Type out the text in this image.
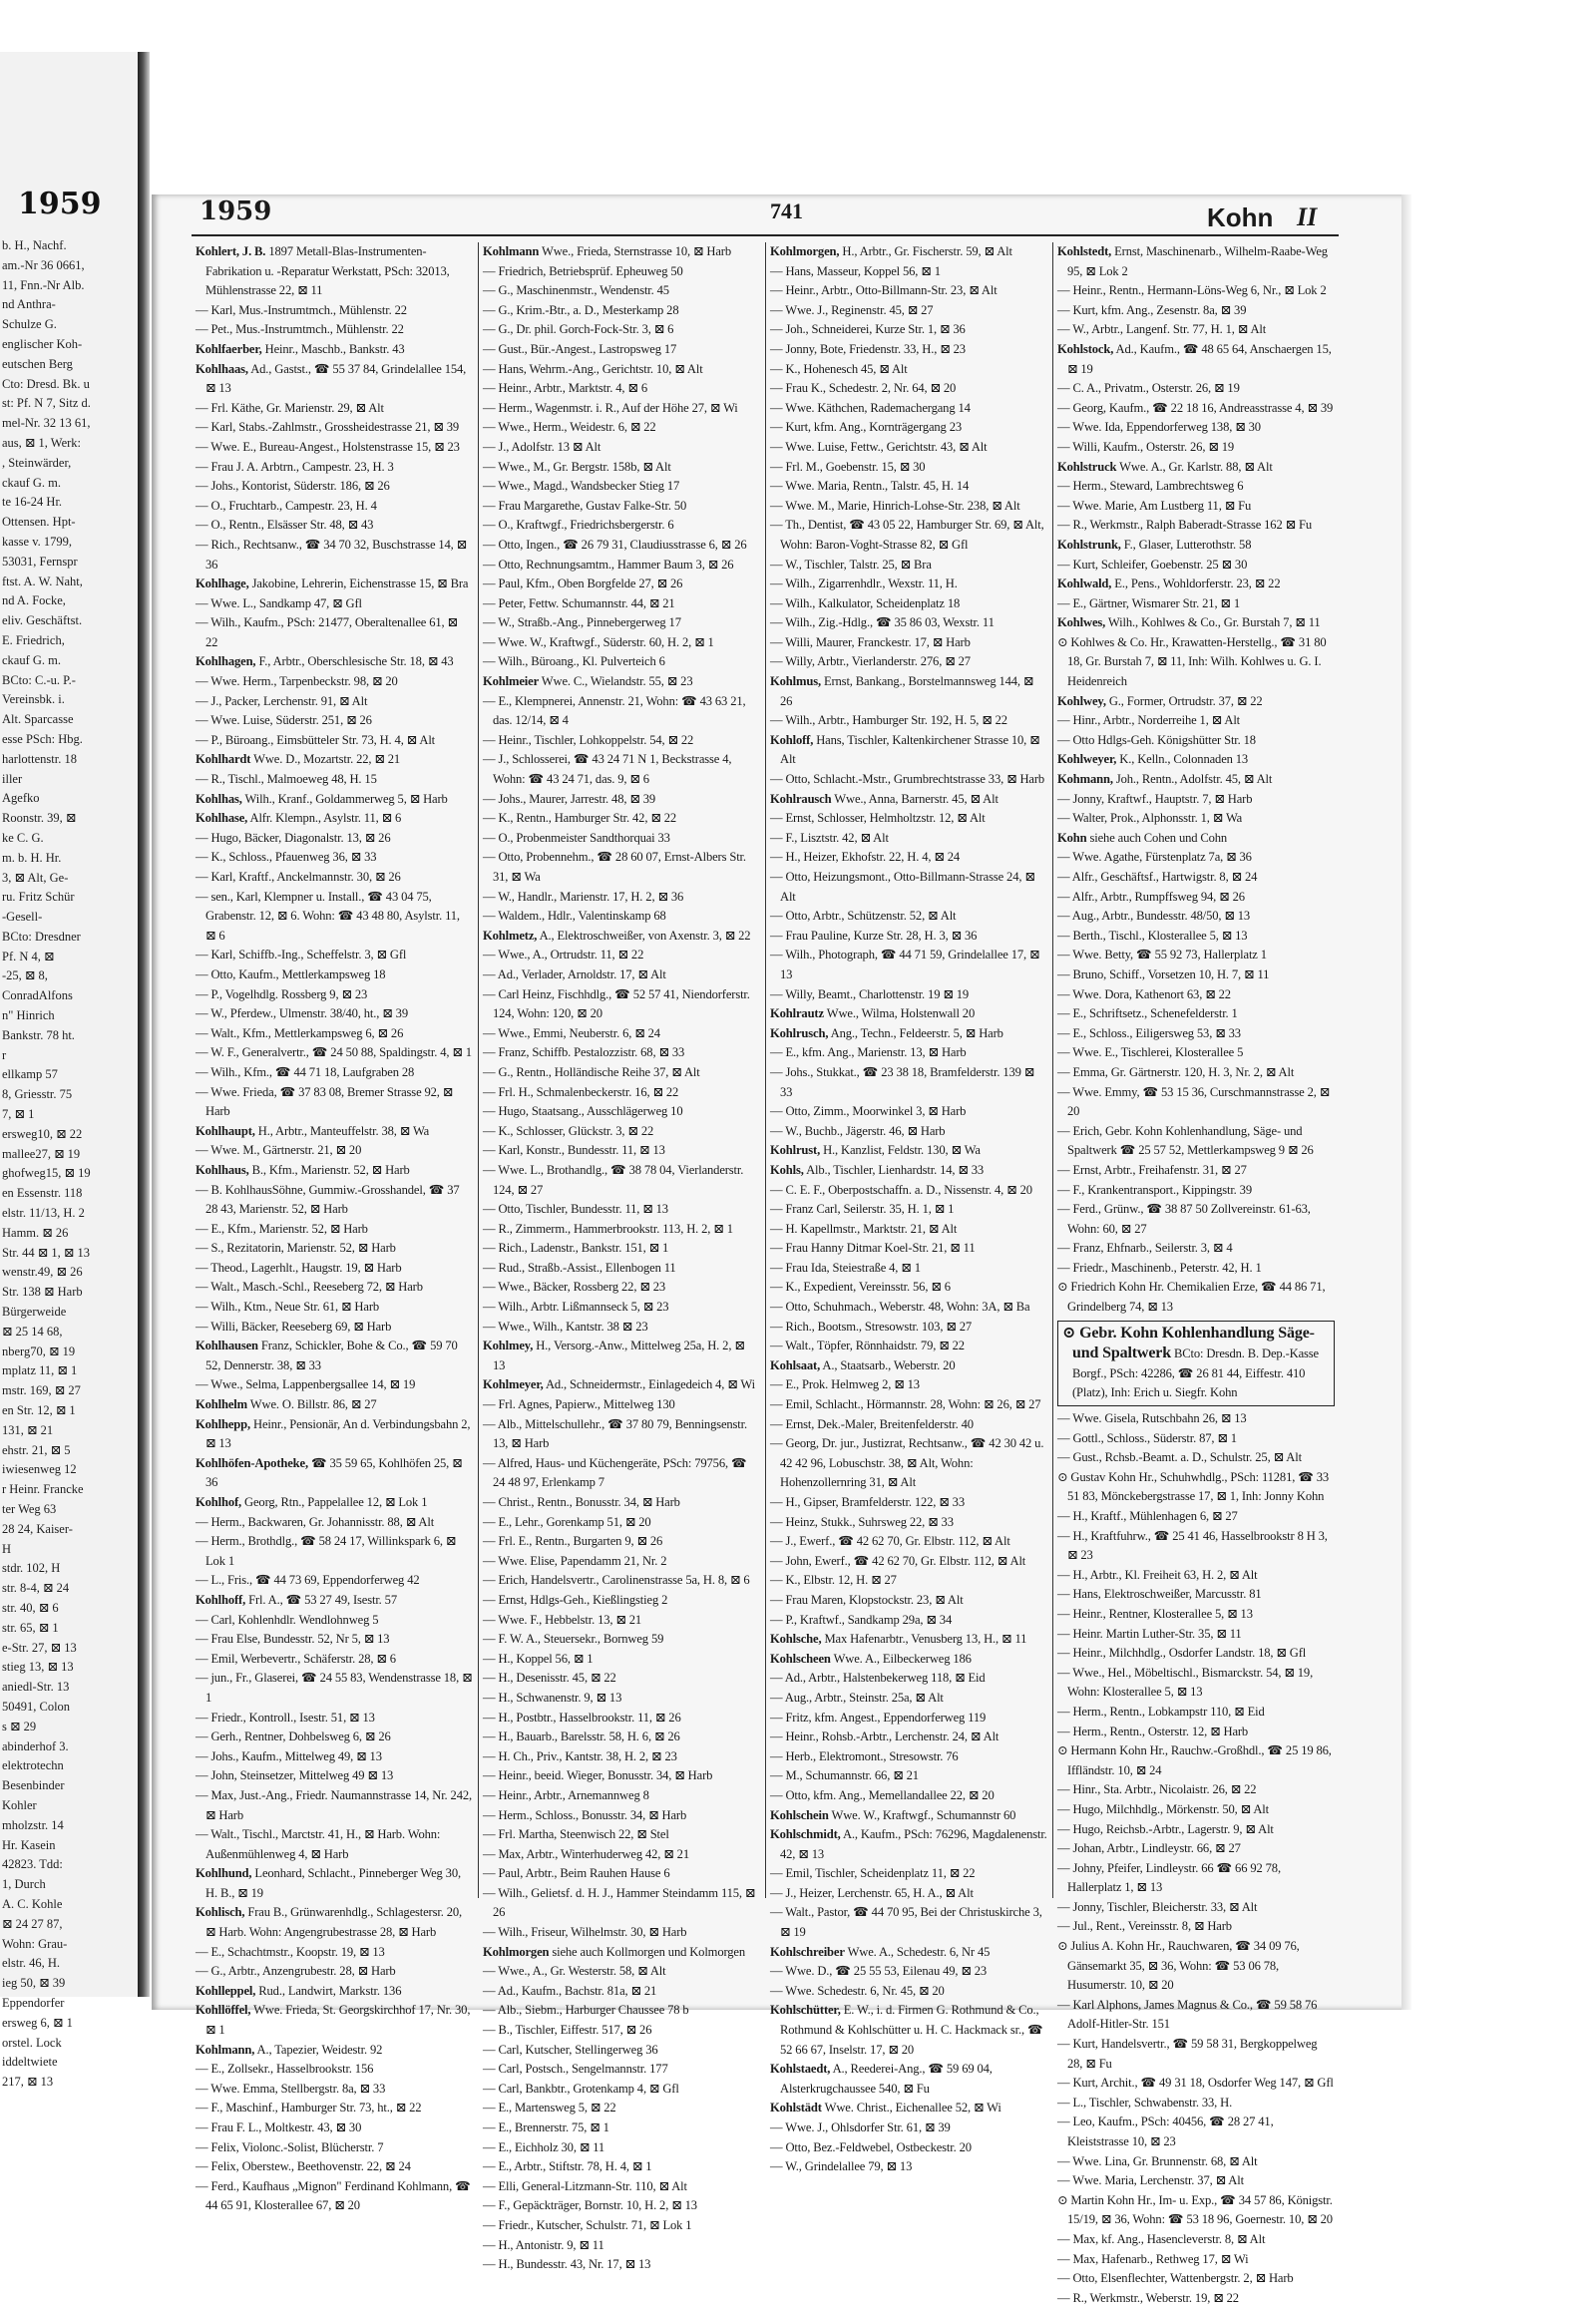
1959
b. H., Nachf.
am.-Nr 36 0661,
11, Fnn.-Nr Alb.
nd Anthra-
Schulze G.
englischer Koh-
eutschen Berg
Cto: Dresd. Bk. u
st: Pf. N 7, Sitz d.
mel-Nr. 32 13 61,
aus, ⊠ 1, Werk:
, Steinwärder,
ckauf G. m.
te 16-24 Hr.
Ottensen. Hpt-
kasse v. 1799,
53031, Fernspr
ftst. A. W. Naht,
nd A. Focke,
eliv. Geschäftst.
E. Friedrich,
ckauf G. m.
BCto: C.-u. P.-
Vereinsbk. i.
Alt. Sparcasse
esse PSch: Hbg.
harlottenstr. 18
iller
Agefko
Roonstr. 39, ⊠
ke C. G.
m. b. H. Hr.
3, ⊠ Alt, Ge-
ru. Fritz Schür
-Gesell-
BCto: Dresdner
Pf. N 4, ⊠
-25, ⊠ 8,
ConradAlfons
n" Hinrich
Bankstr. 78 ht.
r
ellkamp 57
8, Griesstr. 75
7, ⊠ 1
ersweg10, ⊠ 22
mallee27, ⊠ 19
ghofweg15, ⊠ 19
en Essenstr. 118
elstr. 11/13, H. 2
Hamm. ⊠ 26
Str. 44 ⊠ 1, ⊠ 13
wenstr.49, ⊠ 26
Str. 138 ⊠ Harb
Bürgerweide
⊠ 25 14 68,
nberg70, ⊠ 19
mplatz 11, ⊠ 1
mstr. 169, ⊠ 27
en Str. 12, ⊠ 1
131, ⊠ 21
ehstr. 21, ⊠ 5
iwiesenweg 12
r Heinr. Francke
ter Weg 63
28 24, Kaiser-
H
stdr. 102, H
str. 8-4, ⊠ 24
str. 40, ⊠ 6
str. 65, ⊠ 1
e-Str. 27, ⊠ 13
stieg 13, ⊠ 13
aniedl-Str. 13
50491, Colon
s ⊠ 29
abinderhof 3.
elektrotechn
Besenbinder
Kohler
mholzstr. 14
Hr. Kasein
42823. Tdd:
1, Durch
A. C. Kohle
⊠ 24 27 87,
Wohn: Grau-
elstr. 46, H.
ieg 50, ⊠ 39
Eppendorfer
ersweg 6, ⊠ 1
orstel. Lock
iddeltwiete
217, ⊠ 13
1959	741	Kohn II
Kohlert, J. B. 1897 Metall-Blas-Instrumenten-Fabrikation u. -Reparatur Werkstatt, PSch: 32013, Mühlenstrasse 22, ⊠ 11
— Karl, Mus.-Instrumtmch., Mühlenstr. 22
— Pet., Mus.-Instrumtmch., Mühlenstr. 22
Kohlfaerber, Heinr., Maschb., Bankstr. 43
Kohlhaas, Ad., Gastst., ☎ 55 37 84, Grindelallee 154, ⊠ 13
— Frl. Käthe, Gr. Marienstr. 29, ⊠ Alt
— Karl, Stabs.-Zahlmstr., Grossheidestrasse 21, ⊠ 39
— Wwe. E., Bureau-Angest., Holstenstrasse 15, ⊠ 23
— Frau J. A. Arbtrn., Campestr. 23, H. 3
— Johs., Kontorist, Süderstr. 186, ⊠ 26
— O., Fruchtarb., Campestr. 23, H. 4
— O., Rentn., Elsässer Str. 48, ⊠ 43
— Rich., Rechtsanw., ☎ 34 70 32, Buschstrasse 14, ⊠ 36
Kohlhage, Jakobine, Lehrerin, Eichenstrasse 15, ⊠ Bra
— Wwe. L., Sandkamp 47, ⊠ Gfl
— Wilh., Kaufm., PSch: 21477, Oberaltenallee 61, ⊠ 22
Kohlhagen, F., Arbtr., Oberschlesische Str. 18, ⊠ 43
— Wwe. Herm., Tarpenbeckstr. 98, ⊠ 20
— J., Packer, Lerchenstr. 91, ⊠ Alt
— Wwe. Luise, Süderstr. 251, ⊠ 26
— P., Büroang., Eimsbütteler Str. 73, H. 4, ⊠ Alt
Kohlhardt Wwe. D., Mozartstr. 22, ⊠ 21
— R., Tischl., Malmoeweg 48, H. 15
Kohlhas, Wilh., Kranf., Goldammerweg 5, ⊠ Harb
Kohlhase, Alfr. Klempn., Asylstr. 11, ⊠ 6
— Hugo, Bäcker, Diagonalstr. 13, ⊠ 26
— K., Schloss., Pfauenweg 36, ⊠ 33
— Karl, Kraftf., Anckelmannstr. 30, ⊠ 26
— sen., Karl, Klempner u. Install., ☎ 43 04 75, Grabenstr. 12, ⊠ 6. Wohn: ☎ 43 48 80, Asylstr. 11, ⊠ 6
— Karl, Schiffb.-Ing., Scheffelstr. 3, ⊠ Gfl
— Otto, Kaufm., Mettlerkampsweg 18
— P., Vogelhdlg. Rossberg 9, ⊠ 23
— W., Pferdew., Ulmenstr. 38/40, ht., ⊠ 39
— Walt., Kfm., Mettlerkampsweg 6, ⊠ 26
— W. F., Generalvertr., ☎ 24 50 88, Spaldingstr. 4, ⊠ 1
— Wilh., Kfm., ☎ 44 71 18, Laufgraben 28
— Wwe. Frieda, ☎ 37 83 08, Bremer Strasse 92, ⊠ Harb
Kohlhaupt, H., Arbtr., Manteuffelstr. 38, ⊠ Wa
— Wwe. M., Gärtnerstr. 21, ⊠ 20
Kohlhaus, B., Kfm., Marienstr. 52, ⊠ Harb
— B. KohlhausSöhne, Gummiw.-Grosshandel, ☎ 37 28 43, Marienstr. 52, ⊠ Harb
— E., Kfm., Marienstr. 52, ⊠ Harb
— S., Rezitatorin, Marienstr. 52, ⊠ Harb
— Theod., Lagerhlt., Haugstr. 19, ⊠ Harb
— Walt., Masch.-Schl., Reeseberg 72, ⊠ Harb
— Wilh., Ktm., Neue Str. 61, ⊠ Harb
— Willi, Bäcker, Reeseberg 69, ⊠ Harb
Kohlhausen Franz, Schickler, Bohe & Co., ☎ 59 70 52, Dennerstr. 38, ⊠ 33
— Wwe., Selma, Lappenbergsallee 14, ⊠ 19
Kohlhelm Wwe. O. Billstr. 86, ⊠ 27
Kohlhepp, Heinr., Pensionär, An d. Verbindungsbahn 2, ⊠ 13
Kohlhöfen-Apotheke, ☎ 35 59 65, Kohlhöfen 25, ⊠ 36
Kohlhof, Georg, Rtn., Pappelallee 12, ⊠ Lok 1
— Herm., Backwaren, Gr. Johannisstr. 88, ⊠ Alt
— Herm., Brothdlg., ☎ 58 24 17, Willinkspark 6, ⊠ Lok 1
— L., Fris., ☎ 44 73 69, Eppendorferweg 42
Kohlhoff, Frl. A., ☎ 53 27 49, Isestr. 57
— Carl, Kohlenhdlr. Wendlohnweg 5
— Frau Else, Bundesstr. 52, Nr 5, ⊠ 13
— Emil, Werbevertr., Schäferstr. 28, ⊠ 6
— jun., Fr., Glaserei, ☎ 24 55 83, Wendenstrasse 18, ⊠ 1
— Friedr., Kontroll., Isestr. 51, ⊠ 13
— Gerh., Rentner, Dohbelsweg 6, ⊠ 26
— Johs., Kaufm., Mittelweg 49, ⊠ 13
— John, Steinsetzer, Mittelweg 49 ⊠ 13
— Max, Just.-Ang., Friedr. Naumannstrasse 14, Nr. 242, ⊠ Harb
— Walt., Tischl., Marctstr. 41, H., ⊠ Harb. Wohn: Außenmühlenweg 4, ⊠ Harb
Kohlhund, Leonhard, Schlacht., Pinneberger Weg 30, H. B., ⊠ 19
Kohlisch, Frau B., Grünwarenhdlg., Schlagestersr. 20, ⊠ Harb. Wohn: Angengrubestrasse 28, ⊠ Harb
— E., Schachtmstr., Koopstr. 19, ⊠ 13
— G., Arbtr., Anzengrubestr. 28, ⊠ Harb
Kohlleppel, Rud., Landwirt, Markstr. 136
Kohllöffel, Wwe. Frieda, St. Georgskirchhof 17, Nr. 30, ⊠ 1
Kohlmann, A., Tapezier, Weidestr. 92
— E., Zollsekr., Hasselbrookstr. 156
— Wwe. Emma, Stellbergstr. 8a, ⊠ 33
— F., Maschinf., Hamburger Str. 73, ht., ⊠ 22
— Frau F. L., Moltkestr. 43, ⊠ 30
— Felix, Violonc.-Solist, Blücherstr. 7
— Felix, Oberstew., Beethovenstr. 22, ⊠ 24
— Ferd., Kaufhaus „Mignon" Ferdinand Kohlmann, ☎ 44 65 91, Klosterallee 67, ⊠ 20
Kohlmann Wwe., Frieda, Sternstrasse 10, ⊠ Harb
— Friedrich, Betriebsprüf. Ephеuweg 50
— G., Maschinenmstr., Wendenstr. 45
— G., Krim.-Btr., a. D., Mesterkamp 28
— G., Dr. phil. Gorch-Fock-Str. 3, ⊠ 6
— Gust., Bür.-Angest., Lastropsweg 17
— Hans, Wehrm.-Ang., Gerichtstr. 10, ⊠ Alt
— Heinr., Arbtr., Marktstr. 4, ⊠ 6
— Herm., Wagenmstr. i. R., Auf der Höhe 27, ⊠ Wi
— Wwe., Herm., Weidestr. 6, ⊠ 22
— J., Adolfstr. 13 ⊠ Alt
— Wwe., M., Gr. Bergstr. 158b, ⊠ Alt
— Wwe., Magd., Wandsbecker Stieg 17
— Frau Margarethe, Gustav Falke-Str. 50
— O., Kraftwgf., Friedrichsbergerstr. 6
— Otto, Ingen., ☎ 26 79 31, Claudiusstrasse 6, ⊠ 26
— Otto, Rechnungsamtm., Hammer Baum 3, ⊠ 26
— Paul, Kfm., Oben Borgfelde 27, ⊠ 26
— Peter, Fettw. Schumannstr. 44, ⊠ 21
— W., Straßb.-Ang., Pinnebergerweg 17
— Wwe. W., Kraftwgf., Süderstr. 60, H. 2, ⊠ 1
— Wilh., Büroang., Kl. Pulverteich 6
Kohlmeier Wwe. C., Wielandstr. 55, ⊠ 23
— E., Klempnerei, Annenstr. 21, Wohn: ☎ 43 63 21, das. 12/14, ⊠ 4
— Heinr., Tischler, Lohkoppelstr. 54, ⊠ 22
— J., Schlosserei, ☎ 43 24 71 N 1, Beckstrasse 4, Wohn: ☎ 43 24 71, das. 9, ⊠ 6
— Johs., Maurer, Jarrestr. 48, ⊠ 39
— K., Rentn., Hamburger Str. 42, ⊠ 22
— O., Probenmeister Sandthorquai 33
— Otto, Probennehm., ☎ 28 60 07, Ernst-Albers Str. 31, ⊠ Wa
— W., Handlr., Marienstr. 17, H. 2, ⊠ 36
— Waldem., Hdlr., Valentinskamp 68
Kohlmetz, A., Elektroschweißer, von Axenstr. 3, ⊠ 22
— Wwe., A., Ortrudstr. 11, ⊠ 22
— Ad., Verlader, Arnoldstr. 17, ⊠ Alt
— Carl Heinz, Fischhdlg., ☎ 52 57 41, Niendorferstr. 124, Wohn: 120, ⊠ 20
— Wwe., Emmi, Neuberstr. 6, ⊠ 24
— Franz, Schiffb. Pestalozzistr. 68, ⊠ 33
— G., Rentn., Holländische Reihe 37, ⊠ Alt
— Frl. H., Schmalenbeckerstr. 16, ⊠ 22
— Hugo, Staatsang., Ausschlägerweg 10
— K., Schlosser, Glückstr. 3, ⊠ 22
— Karl, Konstr., Bundesstr. 11, ⊠ 13
— Wwe. L., Brothandlg., ☎ 38 78 04, Vierlanderstr. 124, ⊠ 27
— Otto, Tischler, Bundesstr. 11, ⊠ 13
— R., Zimmerm., Hammerbrookstr. 113, H. 2, ⊠ 1
— Rich., Ladenstr., Bankstr. 151, ⊠ 1
— Rud., Straßb.-Assist., Ellenbogen 11
— Wwe., Bäcker, Rossberg 22, ⊠ 23
— Wilh., Arbtr. Lißmannseck 5, ⊠ 23
— Wwe., Wilh., Kantstr. 38 ⊠ 23
Kohlmey, H., Versorg.-Anw., Mittelweg 25a, H. 2, ⊠ 13
Kohlmeyer, Ad., Schneidermstr., Einlagedeich 4, ⊠ Wi
— Frl. Agnes, Papierw., Mittelweg 130
— Alb., Mittelschullehr., ☎ 37 80 79, Benningsenstr. 13, ⊠ Harb
— Alfred, Haus- und Küchengeräte, PSch: 79756, ☎ 24 48 97, Erlenkamp 7
— Christ., Rentn., Bonusstr. 34, ⊠ Harb
— E., Lehr., Gorenkamp 51, ⊠ 20
— Frl. E., Rentn., Burgarten 9, ⊠ 26
— Wwe. Elise, Papendamm 21, Nr. 2
— Erich, Handelsvertr., Carolinenstrasse 5a, H. 8, ⊠ 6
— Ernst, Hdlgs-Geh., Kießlingstieg 2
— Wwe. F., Hebbelstr. 13, ⊠ 21
— F. W. A., Steuersekr., Bornweg 59
— H., Koppel 56, ⊠ 1
— H., Desenisstr. 45, ⊠ 22
— H., Schwanenstr. 9, ⊠ 13
— H., Postbtr., Hasselbrookstr. 11, ⊠ 26
— H., Bauarb., Barelsstr. 58, H. 6, ⊠ 26
— H. Ch., Priv., Kantstr. 38, H. 2, ⊠ 23
— Heinr., beeid. Wieger, Bonusstr. 34, ⊠ Harb
— Heinr., Arbtr., Arnemannweg 8
— Herm., Schloss., Bonusstr. 34, ⊠ Harb
— Frl. Martha, Steenwisch 22, ⊠ Stel
— Max, Arbtr., Winterhuderweg 42, ⊠ 21
— Paul, Arbtr., Beim Rauhen Hause 6
— Wilh., Gelietsf. d. H. J., Hammer Steindamm 115, ⊠ 26
— Wilh., Friseur, Wilhelmstr. 30, ⊠ Harb
Kohlmorgen siehe auch Kollmorgen und Kolmorgen
— Wwe., A., Gr. Westerstr. 58, ⊠ Alt
— Ad., Kaufm., Bachstr. 81a, ⊠ 21
— Alb., Siebm., Harburger Chaussee 78 b
— B., Tischler, Eiffestr. 517, ⊠ 26
— Carl, Kutscher, Stellingerweg 36
— Carl, Postsch., Sengelmannstr. 177
— Carl, Bankbtr., Grotenkamp 4, ⊠ Gfl
— E., Martensweg 5, ⊠ 22
— E., Brennerstr. 75, ⊠ 1
— E., Eichholz 30, ⊠ 11
— E., Arbtr., Stiftstr. 78, H. 4, ⊠ 1
— Elli, General-Litzmann-Str. 110, ⊠ Alt
— F., Gepäckträger, Bornstr. 10, H. 2, ⊠ 13
— Friedr., Kutscher, Schulstr. 71, ⊠ Lok 1
— H., Antonistr. 9, ⊠ 11
— H., Bundesstr. 43, Nr. 17, ⊠ 13
Kohlmorgen, H., Arbtr., Gr. Fischerstr. 59, ⊠ Alt
— Hans, Masseur, Koppel 56, ⊠ 1
— Heinr., Arbtr., Otto-Billmann-Str. 23, ⊠ Alt
— Wwe. J., Reginenstr. 45, ⊠ 27
— Joh., Schneiderei, Kurze Str. 1, ⊠ 36
— Jonny, Bote, Friedenstr. 33, H., ⊠ 23
— K., Hohenesch 45, ⊠ Alt
— Frau K., Schedestr. 2, Nr. 64, ⊠ 20
— Wwe. Käthchen, Rademachergang 14
— Kurt, kfm. Ang., Kornträgergang 23
— Wwe. Luise, Fettw., Gerichtstr. 43, ⊠ Alt
— Frl. M., Goebenstr. 15, ⊠ 30
— Wwe. Maria, Rentn., Talstr. 45, H. 14
— Wwe. M., Marie, Hinrich-Lohse-Str. 238, ⊠ Alt
— Th., Dentist, ☎ 43 05 22, Hamburger Str. 69, ⊠ Alt, Wohn: Baron-Voght-Strasse 82, ⊠ Gfl
— W., Tischler, Talstr. 25, ⊠ Bra
— Wilh., Zigarrenhdlr., Wexstr. 11, H.
— Wilh., Kalkulator, Scheidenplatz 18
— Wilh., Zig.-Hdlg., ☎ 35 86 03, Wexstr. 11
— Willi, Maurer, Franckestr. 17, ⊠ Harb
— Willy, Arbtr., Vierlanderstr. 276, ⊠ 27
Kohlmus, Ernst, Bankang., Borstelmannsweg 144, ⊠ 26
— Wilh., Arbtr., Hamburger Str. 192, H. 5, ⊠ 22
Kohloff, Hans, Tischler, Kaltenkirchener Strasse 10, ⊠ Alt
— Otto, Schlacht.-Mstr., Grumbrechtstrasse 33, ⊠ Harb
Kohlrausch Wwe., Anna, Barnerstr. 45, ⊠ Alt
— Ernst, Schlosser, Helmholtzstr. 12, ⊠ Alt
— F., Lisztstr. 42, ⊠ Alt
— H., Heizer, Ekhofstr. 22, H. 4, ⊠ 24
— Otto, Heizungsmont., Otto-Billmann-Strasse 24, ⊠ Alt
— Otto, Arbtr., Schützenstr. 52, ⊠ Alt
— Frau Pauline, Kurze Str. 28, H. 3, ⊠ 36
— Wilh., Photograph, ☎ 44 71 59, Grindelallee 17, ⊠ 13
— Willy, Beamt., Charlottenstr. 19 ⊠ 19
Kohlrautz Wwe., Wilma, Holstenwall 20
Kohlrusch, Ang., Techn., Feldeerstr. 5, ⊠ Harb
— E., kfm. Ang., Marienstr. 13, ⊠ Harb
— Johs., Stukkat., ☎ 23 38 18, Bramfelderstr. 139 ⊠ 33
— Otto, Zimm., Moorwinkel 3, ⊠ Harb
— W., Buchb., Jägerstr. 46, ⊠ Harb
Kohlrust, H., Kanzlist, Feldstr. 130, ⊠ Wa
Kohls, Alb., Tischler, Lienhardstr. 14, ⊠ 33
— C. E. F., Oberpostschaffn. a. D., Nissenstr. 4, ⊠ 20
— Franz Carl, Seilerstr. 35, H. 1, ⊠ 1
— H. Kapellmstr., Marktstr. 21, ⊠ Alt
— Frau Hanny Ditmar Koel-Str. 21, ⊠ 11
— Frau Ida, Steiestraße 4, ⊠ 1
— K., Expedient, Vereinsstr. 56, ⊠ 6
— Otto, Schuhmach., Weberstr. 48, Wohn: 3A, ⊠ Ba
— Rich., Bootsm., Stresowstr. 103, ⊠ 27
— Walt., Töpfer, Rönnhaidstr. 79, ⊠ 22
Kohlsaat, A., Staatsarb., Weberstr. 20
— E., Prok. Helmweg 2, ⊠ 13
— Emil, Schlacht., Hörmannstr. 28, Wohn: ⊠ 26, ⊠ 27
— Ernst, Dek.-Maler, Breitenfelderstr. 40
— Georg, Dr. jur., Justizrat, Rechtsanw., ☎ 42 30 42 u. 42 42 96, Lobuschstr. 38, ⊠ Alt, Wohn: Hohenzollernring 31, ⊠ Alt
— H., Gipser, Bramfelderstr. 122, ⊠ 33
— Heinz, Stukk., Suhrsweg 22, ⊠ 33
— J., Ewerf., ☎ 42 62 70, Gr. Elbstr. 112, ⊠ Alt
— John, Ewerf., ☎ 42 62 70, Gr. Elbstr. 112, ⊠ Alt
— K., Elbstr. 12, H. ⊠ 27
— Frau Maren, Klopstockstr. 23, ⊠ Alt
— P., Kraftwf., Sandkamp 29a, ⊠ 34
Kohlsche, Max Hafenarbtr., Venusberg 13, H., ⊠ 11
Kohlscheen Wwe. A., Eilbeckerweg 186
— Ad., Arbtr., Halstenbekerweg 118, ⊠ Eid
— Aug., Arbtr., Steinstr. 25a, ⊠ Alt
— Fritz, kfm. Angest., Eppendorferweg 119
— Heinr., Rohsb.-Arbtr., Lerchenstr. 24, ⊠ Alt
— Herb., Elektromont., Stresowstr. 76
— M., Schumannstr. 66, ⊠ 21
— Otto, kfm. Ang., Memellandallee 22, ⊠ 20
Kohlschein Wwe. W., Kraftwgf., Schumannstr 60
Kohlschmidt, A., Kaufm., PSch: 76296, Magdalenenstr. 42, ⊠ 13
— Emil, Tischler, Scheidenplatz 11, ⊠ 22
— J., Heizer, Lerchenstr. 65, H. A., ⊠ Alt
— Walt., Pastor, ☎ 44 70 95, Bei der Christuskirche 3, ⊠ 19
Kohlschreiber Wwe. A., Schedestr. 6, Nr 45
— Wwe. D., ☎ 25 55 53, Eilenau 49, ⊠ 23
— Wwe. Schedestr. 6, Nr. 45, ⊠ 20
Kohlschütter, E. W., i. d. Firmen G. Rothmund & Co., Rothmund & Kohlschütter u. H. C. Hackmack sr., ☎ 52 66 67, Inselstr. 17, ⊠ 20
Kohlstaedt, A., Reederei-Ang., ☎ 59 69 04, Alsterkrugchaussee 540, ⊠ Fu
Kohlstädt Wwe. Christ., Eichenallee 52, ⊠ Wi
— Wwe. J., Ohlsdorfer Str. 61, ⊠ 39
— Otto, Bez.-Feldwebel, Ostbeckestr. 20
— W., Grindelallee 79, ⊠ 13
Kohlstedt, Ernst, Maschinenarb., Wilhelm-Raabe-Weg 95, ⊠ Lok 2
— Heinr., Rentn., Hermann-Löns-Weg 6, Nr., ⊠ Lok 2
— Kurt, kfm. Ang., Zesenstr. 8a, ⊠ 39
— W., Arbtr., Langenf. Str. 77, H. 1, ⊠ Alt
Kohlstock, Ad., Kaufm., ☎ 48 65 64, Anschaergen 15, ⊠ 19
— C. A., Privatm., Osterstr. 26, ⊠ 19
— Georg, Kaufm., ☎ 22 18 16, Andreasstrasse 4, ⊠ 39
— Wwe. Ida, Eppendorferweg 138, ⊠ 30
— Willi, Kaufm., Osterstr. 26, ⊠ 19
Kohlstruck Wwe. A., Gr. Karlstr. 88, ⊠ Alt
— Herm., Steward, Lambrechtsweg 6
— Wwe. Marie, Am Lustberg 11, ⊠ Fu
— R., Werkmstr., Ralph Baberadt-Strasse 162 ⊠ Fu
Kohlstrunk, F., Glaser, Lutterothstr. 58
— Kurt, Schleifer, Goebenstr. 25 ⊠ 30
Kohlwald, E., Pens., Wohldorferstr. 23, ⊠ 22
— E., Gärtner, Wismarer Str. 21, ⊠ 1
Kohlwes, Wilh., Kohlwes & Co., Gr. Burstah 7, ⊠ 11
⊙ Kohlwes & Co. Hr., Krawatten-Herstellg., ☎ 31 80 18, Gr. Burstah 7, ⊠ 11, Inh: Wilh. Kohlwes u. G. I. Heidenreich
Kohlwey, G., Former, Ortrudstr. 37, ⊠ 22
— Hinr., Arbtr., Norderreihe 1, ⊠ Alt
— Otto Hdlgs-Geh. Königshütter Str. 18
Kohlweyer, K., Kelln., Colonnaden 13
Kohmann, Joh., Rentn., Adolfstr. 45, ⊠ Alt
— Jonny, Kraftwf., Hauptstr. 7, ⊠ Harb
— Walter, Prok., Alphonsstr. 1, ⊠ Wa
Kohn siehe auch Cohen und Cohn
— Wwe. Agathe, Fürstenplatz 7a, ⊠ 36
— Alfr., Geschäftsf., Hartwigstr. 8, ⊠ 24
— Alfr., Arbtr., Rumpffsweg 94, ⊠ 26
— Aug., Arbtr., Bundesstr. 48/50, ⊠ 13
— Berth., Tischl., Klosterallee 5, ⊠ 13
— Wwe. Betty, ☎ 55 92 73, Hallerplatz 1
— Bruno, Schiff., Vorsetzen 10, H. 7, ⊠ 11
— Wwe. Dora, Kathenort 63, ⊠ 22
— E., Schriftsetz., Schenefelderstr. 1
— E., Schloss., Eiligersweg 53, ⊠ 33
— Wwe. E., Tischlerei, Klosterallee 5
— Emma, Gr. Gärtnerstr. 120, H. 3, Nr. 2, ⊠ Alt
— Wwe. Emmy, ☎ 53 15 36, Curschmannstrasse 2, ⊠ 20
— Erich, Gebr. Kohn Kohlenhandlung, Säge- und Spaltwerk ☎ 25 57 52, Mettlerkampsweg 9 ⊠ 26
— Ernst, Arbtr., Freihafenstr. 31, ⊠ 27
— F., Krankentransport., Kippingstr. 39
— Ferd., Grünw., ☎ 38 87 50 Zollvereinstr. 61-63, Wohn: 60, ⊠ 27
— Franz, Ehfnarb., Seilerstr. 3, ⊠ 4
— Friedr., Maschinenb., Peterstr. 42, H. 1
⊙ Friedrich Kohn Hr. Chemikalien Erze, ☎ 44 86 71, Grindelberg 74, ⊠ 13
⊙ Gebr. Kohn Kohlenhandlung Säge- und Spaltwerk BCto: Dresdn. B. Dep.-Kasse Borgf., PSch: 42286, ☎ 26 81 44, Eiffestr. 410 (Platz), Inh: Erich u. Siegfr. Kohn
— Wwe. Gisela, Rutschbahn 26, ⊠ 13
— Gottl., Schloss., Süderstr. 87, ⊠ 1
— Gust., Rchsb.-Beamt. a. D., Schulstr. 25, ⊠ Alt
⊙ Gustav Kohn Hr., Schuhwhdlg., PSch: 11281, ☎ 33 51 83, Mönckebergstrasse 17, ⊠ 1, Inh: Jonny Kohn
— H., Kraftf., Mühlenhagen 6, ⊠ 27
— H., Kraftfuhrw., ☎ 25 41 46, Hasselbrookstr 8 H 3, ⊠ 23
— H., Arbtr., Kl. Freiheit 63, H. 2, ⊠ Alt
— Hans, Elektroschweißer, Marcusstr. 81
— Heinr., Rentner, Klosterallee 5, ⊠ 13
— Heinr. Martin Luther-Str. 35, ⊠ 11
— Heinr., Milchhdlg., Osdorfer Landstr. 18, ⊠ Gfl
— Wwe., Hel., Möbeltischl., Bismarckstr. 54, ⊠ 19, Wohn: Klosterallee 5, ⊠ 13
— Herm., Rentn., Lobkampstr 110, ⊠ Eid
— Herm., Rentn., Osterstr. 12, ⊠ Harb
⊙ Hermann Kohn Hr., Rauchw.-Großhdl., ☎ 25 19 86, Iffländstr. 10, ⊠ 24
— Hinr., Sta. Arbtr., Nicolaistr. 26, ⊠ 22
— Hugo, Milchhdlg., Mörkenstr. 50, ⊠ Alt
— Hugo, Reichsb.-Arbtr., Lagerstr. 9, ⊠ Alt
— Johan, Arbtr., Lindleystr. 66, ⊠ 27
— Johny, Pfeifer, Lindleystr. 66 ☎ 66 92 78, Hallerplatz 1, ⊠ 13
— Jonny, Tischler, Bleicherstr. 33, ⊠ Alt
— Jul., Rent., Vereinsstr. 8, ⊠ Harb
⊙ Julius A. Kohn Hr., Rauchwaren, ☎ 34 09 76, Gänsemarkt 35, ⊠ 36, Wohn: ☎ 53 06 78, Husumerstr. 10, ⊠ 20
— Karl Alphons, James Magnus & Co., ☎ 59 58 76 Adolf-Hitler-Str. 151
— Kurt, Handelsvertr., ☎ 59 58 31, Bergkoppelweg 28, ⊠ Fu
— Kurt, Archit., ☎ 49 31 18, Osdorfer Weg 147, ⊠ Gfl
— L., Tischler, Schwabenstr. 33, H.
— Leo, Kaufm., PSch: 40456, ☎ 28 27 41, Kleiststrasse 10, ⊠ 23
— Wwe. Lina, Gr. Brunnenstr. 68, ⊠ Alt
— Wwe. Maria, Lerchenstr. 37, ⊠ Alt
⊙ Martin Kohn Hr., Im- u. Exp., ☎ 34 57 86, Königstr. 15/19, ⊠ 36, Wohn: ☎ 53 18 96, Goernestr. 10, ⊠ 20
— Max, kf. Ang., Hasencleverstr. 8, ⊠ Alt
— Max, Hafenarb., Rethweg 17, ⊠ Wi
— Otto, Elsenflechter, Wattenbergstr. 2, ⊠ Harb
— R., Werkmstr., Weberstr. 19, ⊠ 22
